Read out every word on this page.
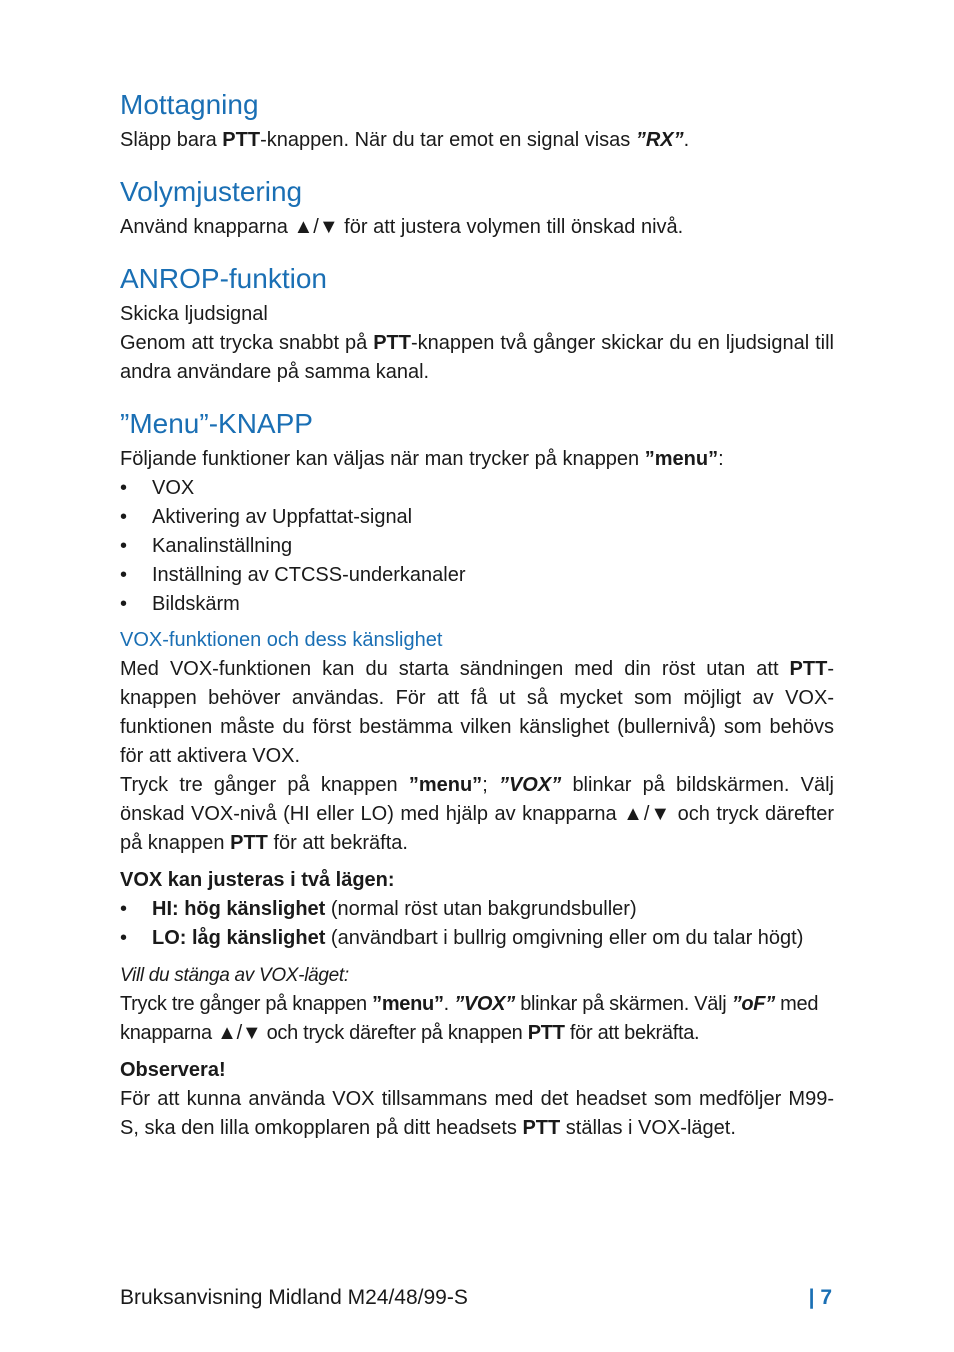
Mottagning

Släpp bara PTT-knappen. När du tar emot en signal visas ”RX”.

Volymjustering

Använd knapparna ▲/▼ för att justera volymen till önskad nivå.

ANROP-funktion

Skicka ljudsignal

Genom att trycka snabbt på PTT-knappen två gånger skickar du en ljudsignal till andra användare på samma kanal.

”Menu”-KNAPP

Följande funktioner kan väljas när man trycker på knappen ”menu”:

• VOX
• Aktivering av Uppfattat-signal
• Kanalinställning
• Inställning av CTCSS-underkanaler
• Bildskärm
VOX-funktionen och dess känslighet

Med VOX-funktionen kan du starta sändningen med din röst utan att PTT-knappen behöver användas. För att få ut så mycket som möjligt av VOX-funktionen måste du först bestämma vilken känslighet (bullernivå) som behövs för att aktivera VOX.

Tryck tre gånger på knappen ”menu”; ”VOX” blinkar på bildskärmen. Välj önskad VOX-nivå (HI eller LO) med hjälp av knapparna ▲/▼ och tryck därefter på knappen PTT för att bekräfta.

VOX kan justeras i två lägen:

• HI: hög känslighet (normal röst utan bakgrundsbuller)
• LO: låg känslighet (användbart i bullrig omgivning eller om du talar högt)

Vill du stänga av VOX-läget:

Tryck tre gånger på knappen ”menu”. ”VOX” blinkar på skärmen. Välj ”oF” med knapparna ▲/▼ och tryck därefter på knappen PTT för att bekräfta.

Observera!

För att kunna använda VOX tillsammans med det headset som medföljer M99-S, ska den lilla omkopplaren på ditt headsets PTT ställas i VOX-läget.

Bruksanvisning Midland M24/48/99-S	| 7
